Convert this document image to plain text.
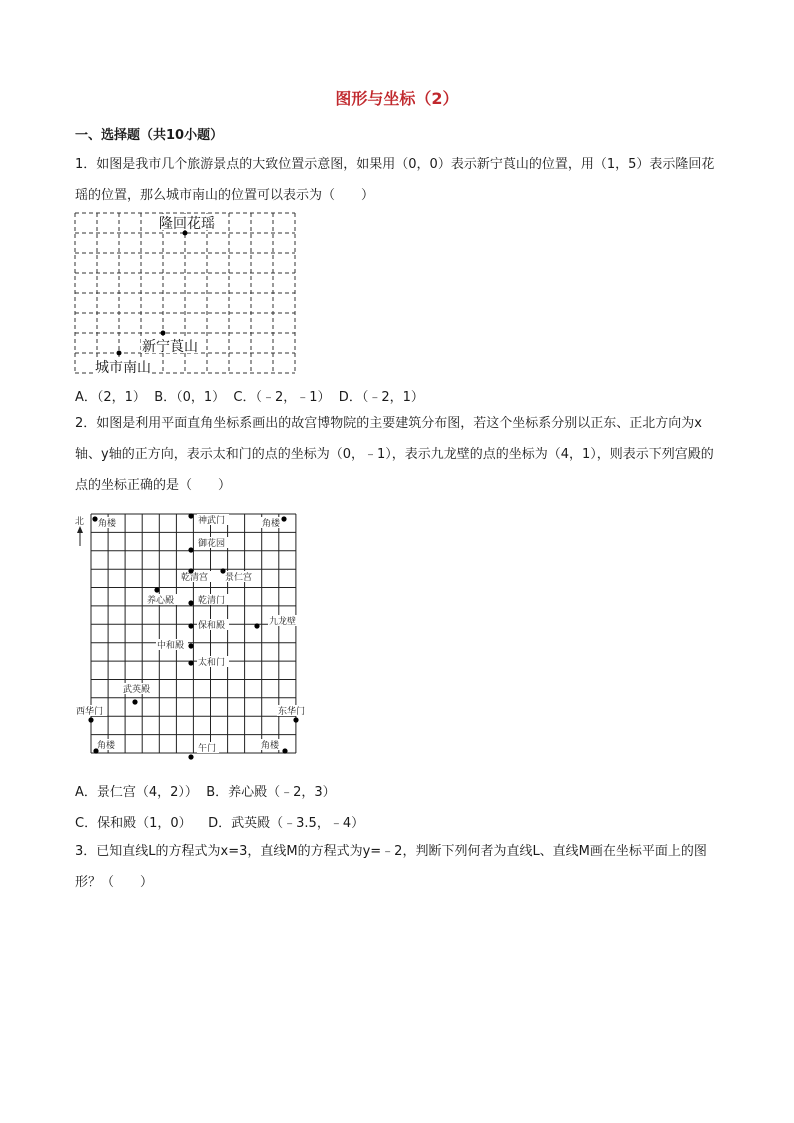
图形与坐标（2）
一、选择题（共10小题）

1．如图是我市几个旅游景点的大致位置示意图，如果用（0，0）表示新宁莨山的位置，用（1，5）表示隆回花瑶的位置，那么城市南山的位置可以表示为（　　）

隆回花瑶
新宁莨山
城市南山
A．（2，1）  B．（0，1）  C．（﹣2，﹣1）  D．（﹣2，1）

2．如图是利用平面直角坐标系画出的故宫博物院的主要建筑分布图，若这个坐标系分别以正东、正北方向为x轴、y轴的正方向，表示太和门的点的坐标为（0，﹣1），表示九龙壁的点的坐标为（4，1），则表示下列宫殿的点的坐标正确的是（　　）

北 角楼	神武门	角楼
御花园
乾清宫 景仁宫
养心殿	乾清门
保和殿	九龙壁
中和殿
太和门
武英殿
西华门	东华门
角楼	午门	角楼
A．景仁宫（4，2））  B．养心殿（﹣2，3）
C．保和殿（1，0）    D．武英殿（﹣3.5，﹣4）

3．已知直线L的方程式为x=3，直线M的方程式为y=﹣2，判断下列何者为直线L、直线M画在坐标平面上的图形？（　　）
